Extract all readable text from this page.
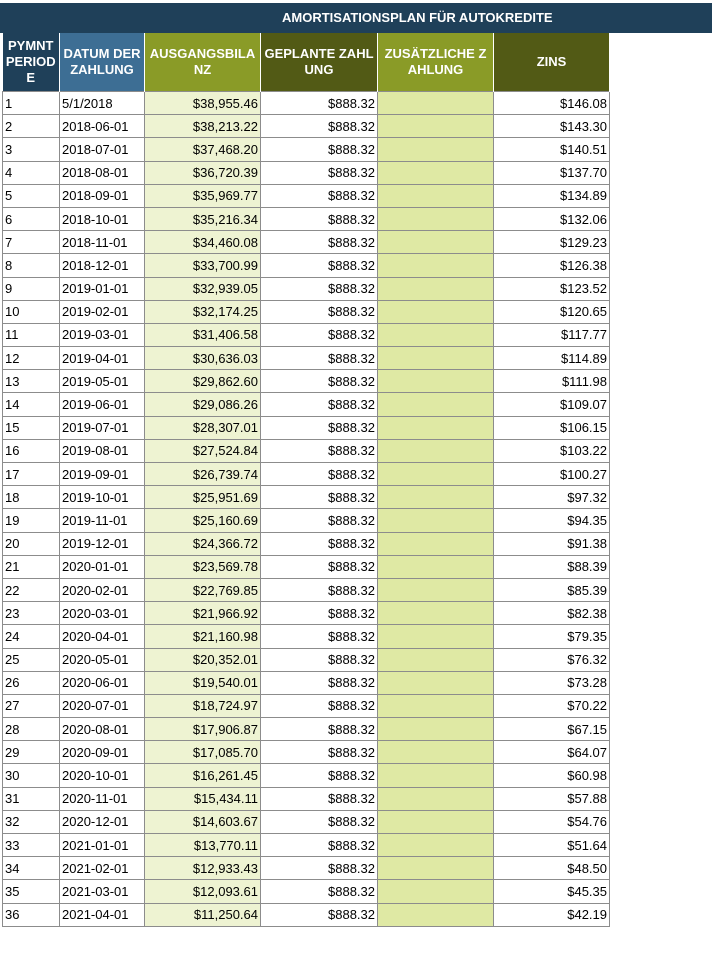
AMORTISATIONSPLAN FÜR AUTOKREDITE
PYMNT PERIODE	DATUM DER ZAHLUNG	AUSGANGSBILANZ	GEPLANTE ZAHLUNG	ZUSÄTZLICHE ZAHLUNG	ZINS
1	5/1/2018	$38,955.46	$888.32		$146.08
2	2018-06-01	$38,213.22	$888.32		$143.30
3	2018-07-01	$37,468.20	$888.32		$140.51
4	2018-08-01	$36,720.39	$888.32		$137.70
5	2018-09-01	$35,969.77	$888.32		$134.89
6	2018-10-01	$35,216.34	$888.32		$132.06
7	2018-11-01	$34,460.08	$888.32		$129.23
8	2018-12-01	$33,700.99	$888.32		$126.38
9	2019-01-01	$32,939.05	$888.32		$123.52
10	2019-02-01	$32,174.25	$888.32		$120.65
11	2019-03-01	$31,406.58	$888.32		$117.77
12	2019-04-01	$30,636.03	$888.32		$114.89
13	2019-05-01	$29,862.60	$888.32		$111.98
14	2019-06-01	$29,086.26	$888.32		$109.07
15	2019-07-01	$28,307.01	$888.32		$106.15
16	2019-08-01	$27,524.84	$888.32		$103.22
17	2019-09-01	$26,739.74	$888.32		$100.27
18	2019-10-01	$25,951.69	$888.32		$97.32
19	2019-11-01	$25,160.69	$888.32		$94.35
20	2019-12-01	$24,366.72	$888.32		$91.38
21	2020-01-01	$23,569.78	$888.32		$88.39
22	2020-02-01	$22,769.85	$888.32		$85.39
23	2020-03-01	$21,966.92	$888.32		$82.38
24	2020-04-01	$21,160.98	$888.32		$79.35
25	2020-05-01	$20,352.01	$888.32		$76.32
26	2020-06-01	$19,540.01	$888.32		$73.28
27	2020-07-01	$18,724.97	$888.32		$70.22
28	2020-08-01	$17,906.87	$888.32		$67.15
29	2020-09-01	$17,085.70	$888.32		$64.07
30	2020-10-01	$16,261.45	$888.32		$60.98
31	2020-11-01	$15,434.11	$888.32		$57.88
32	2020-12-01	$14,603.67	$888.32		$54.76
33	2021-01-01	$13,770.11	$888.32		$51.64
34	2021-02-01	$12,933.43	$888.32		$48.50
35	2021-03-01	$12,093.61	$888.32		$45.35
36	2021-04-01	$11,250.64	$888.32		$42.19
